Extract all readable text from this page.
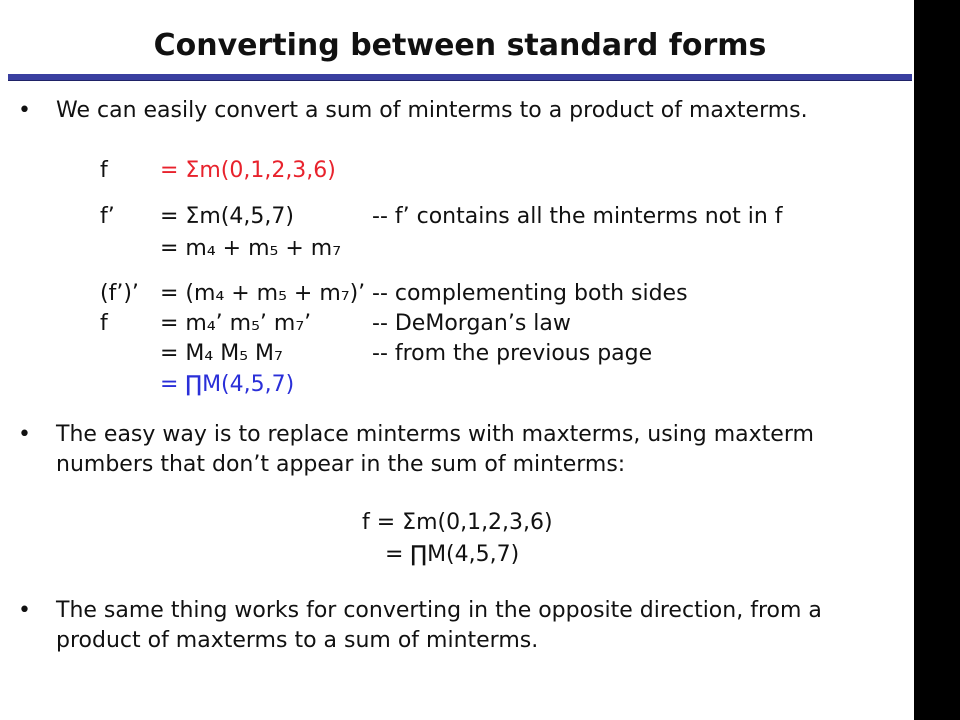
Converting between standard forms
• We can easily convert a sum of minterms to a product of maxterms.
f = Σm(0,1,2,3,6)
f’ = Σm(4,5,7)	-- f’ contains all the minterms not in f
= m₄ + m₅ + m₇
(f’)’ = (m₄ + m₅ + m₇)’ -- complementing both sides
f = m₄’ m₅’ m₇’	-- DeMorgan’s law
= M₄ M₅ M₇	-- from the previous page
= ∏M(4,5,7)
• The easy way is to replace minterms with maxterms, using maxterm
numbers that don’t appear in the sum of minterms:
f = Σm(0,1,2,3,6)
= ∏M(4,5,7)
• The same thing works for converting in the opposite direction, from a
product of maxterms to a sum of minterms.
